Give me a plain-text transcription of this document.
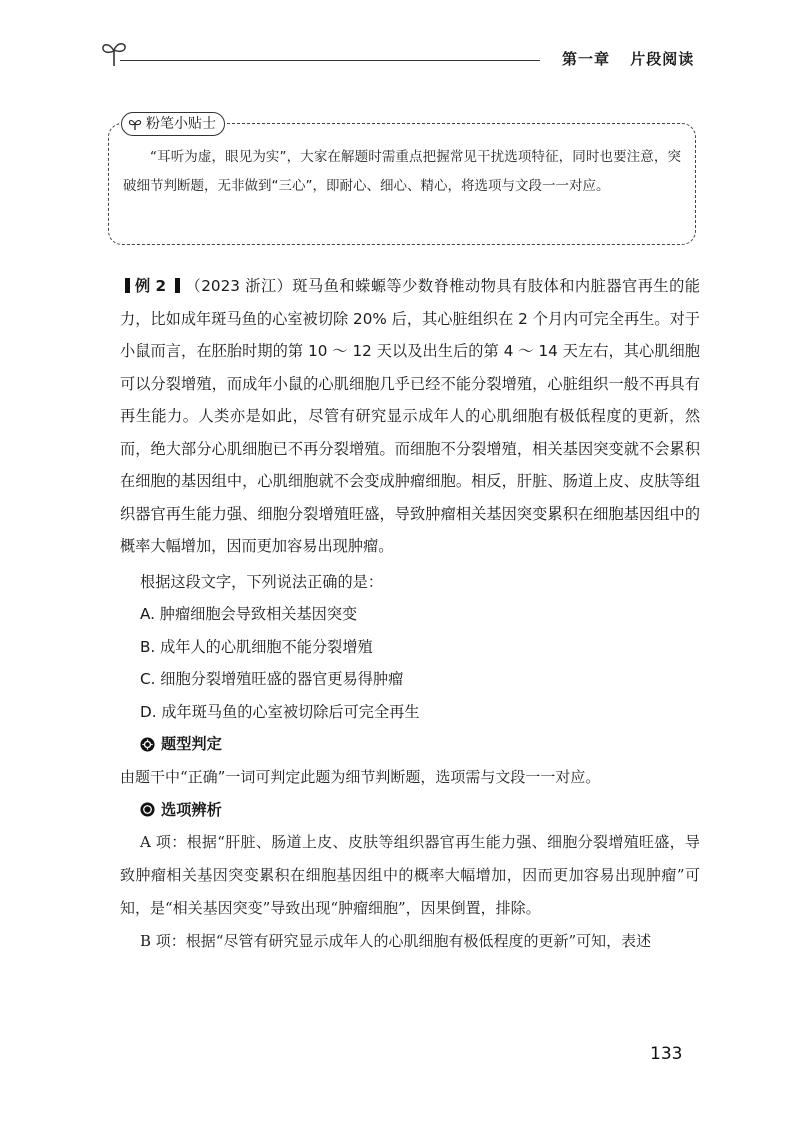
第一章 片段阅读
粉笔小贴士
“耳听为虚，眼见为实”，大家在解题时需重点把握常见干扰选项特征，同时也要注意，突破细节判断题，无非做到“三心”，即耐心、细心、精心，将选项与文段一一对应。

例 2 （2023 浙江）斑马鱼和蝾螈等少数脊椎动物具有肢体和内脏器官再生的能力，比如成年斑马鱼的心室被切除 20% 后，其心脏组织在 2 个月内可完全再生。对于小鼠而言，在胚胎时期的第 10 ～ 12 天以及出生后的第 4 ～ 14 天左右，其心肌细胞可以分裂增殖，而成年小鼠的心肌细胞几乎已经不能分裂增殖，心脏组织一般不再具有再生能力。人类亦是如此，尽管有研究显示成年人的心肌细胞有极低程度的更新，然而，绝大部分心肌细胞已不再分裂增殖。而细胞不分裂增殖，相关基因突变就不会累积在细胞的基因组中，心肌细胞就不会变成肿瘤细胞。相反，肝脏、肠道上皮、皮肤等组织器官再生能力强、细胞分裂增殖旺盛，导致肿瘤相关基因突变累积在细胞基因组中的概率大幅增加，因而更加容易出现肿瘤。

根据这段文字，下列说法正确的是：

A. 肿瘤细胞会导致相关基因突变

B. 成年人的心肌细胞不能分裂增殖

C. 细胞分裂增殖旺盛的器官更易得肿瘤

D. 成年斑马鱼的心室被切除后可完全再生

题型判定

由题干中“正确”一词可判定此题为细节判断题，选项需与文段一一对应。

选项辨析

A 项：根据“肝脏、肠道上皮、皮肤等组织器官再生能力强、细胞分裂增殖旺盛，导致肿瘤相关基因突变累积在细胞基因组中的概率大幅增加，因而更加容易出现肿瘤”可知，是“相关基因突变”导致出现“肿瘤细胞”，因果倒置，排除。

B 项：根据“尽管有研究显示成年人的心肌细胞有极低程度的更新”可知，表述

133
